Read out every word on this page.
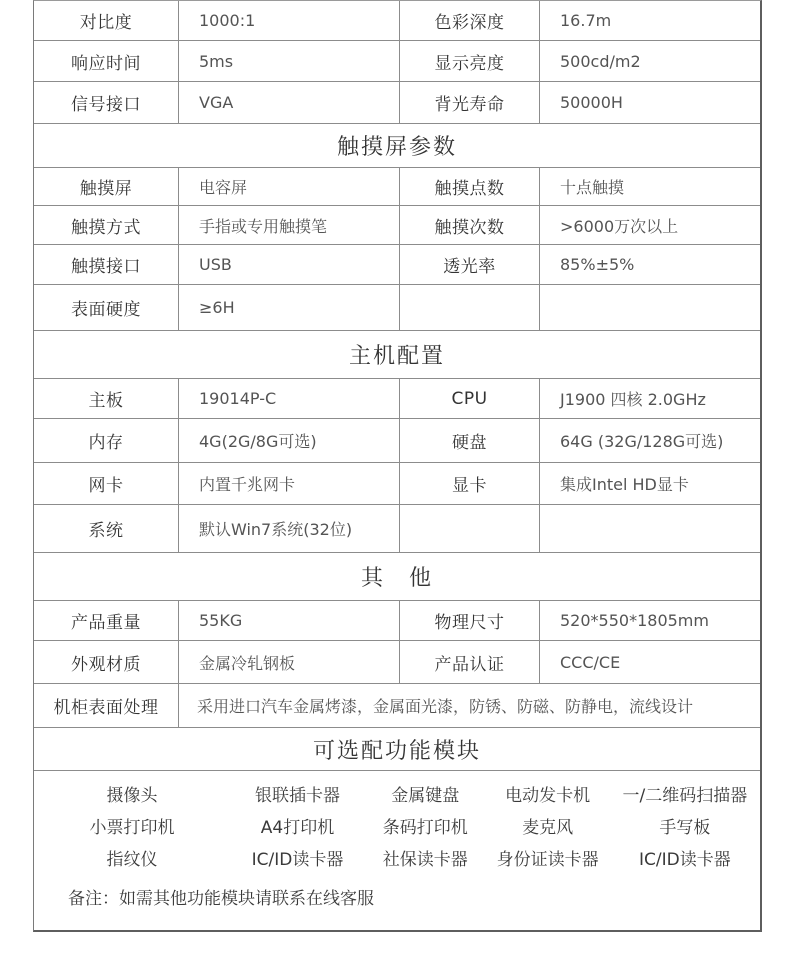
对比度	1000:1	色彩深度	16.7m
响应时间	5ms	显示亮度	500cd/m2
信号接口	VGA	背光寿命	50000H
触摸屏参数
触摸屏	电容屏	触摸点数	十点触摸
触摸方式	手指或专用触摸笔	触摸次数	>6000万次以上
触摸接口	USB	透光率	85%±5%
表面硬度	≥6H
主机配置
主板	19014P-C	CPU	J1900 四核 2.0GHz
内存	4G(2G/8G可选)	硬盘	64G (32G/128G可选)
网卡	内置千兆网卡	显卡	集成Intel HD显卡
系统	默认Win7系统(32位)
其　他
产品重量	55KG	物理尺寸	520*550*1805mm
外观材质	金属冷轧钢板	产品认证	CCC/CE
机柜表面处理	采用进口汽车金属烤漆，金属面光漆，防锈、防磁、防静电，流线设计
可选配功能模块
摄像头	银联插卡器	金属键盘	电动发卡机	一/二维码扫描器
小票打印机	A4打印机	条码打印机	麦克风	手写板
指纹仪	IC/ID读卡器	社保读卡器	身份证读卡器	IC/ID读卡器
备注：如需其他功能模块请联系在线客服
